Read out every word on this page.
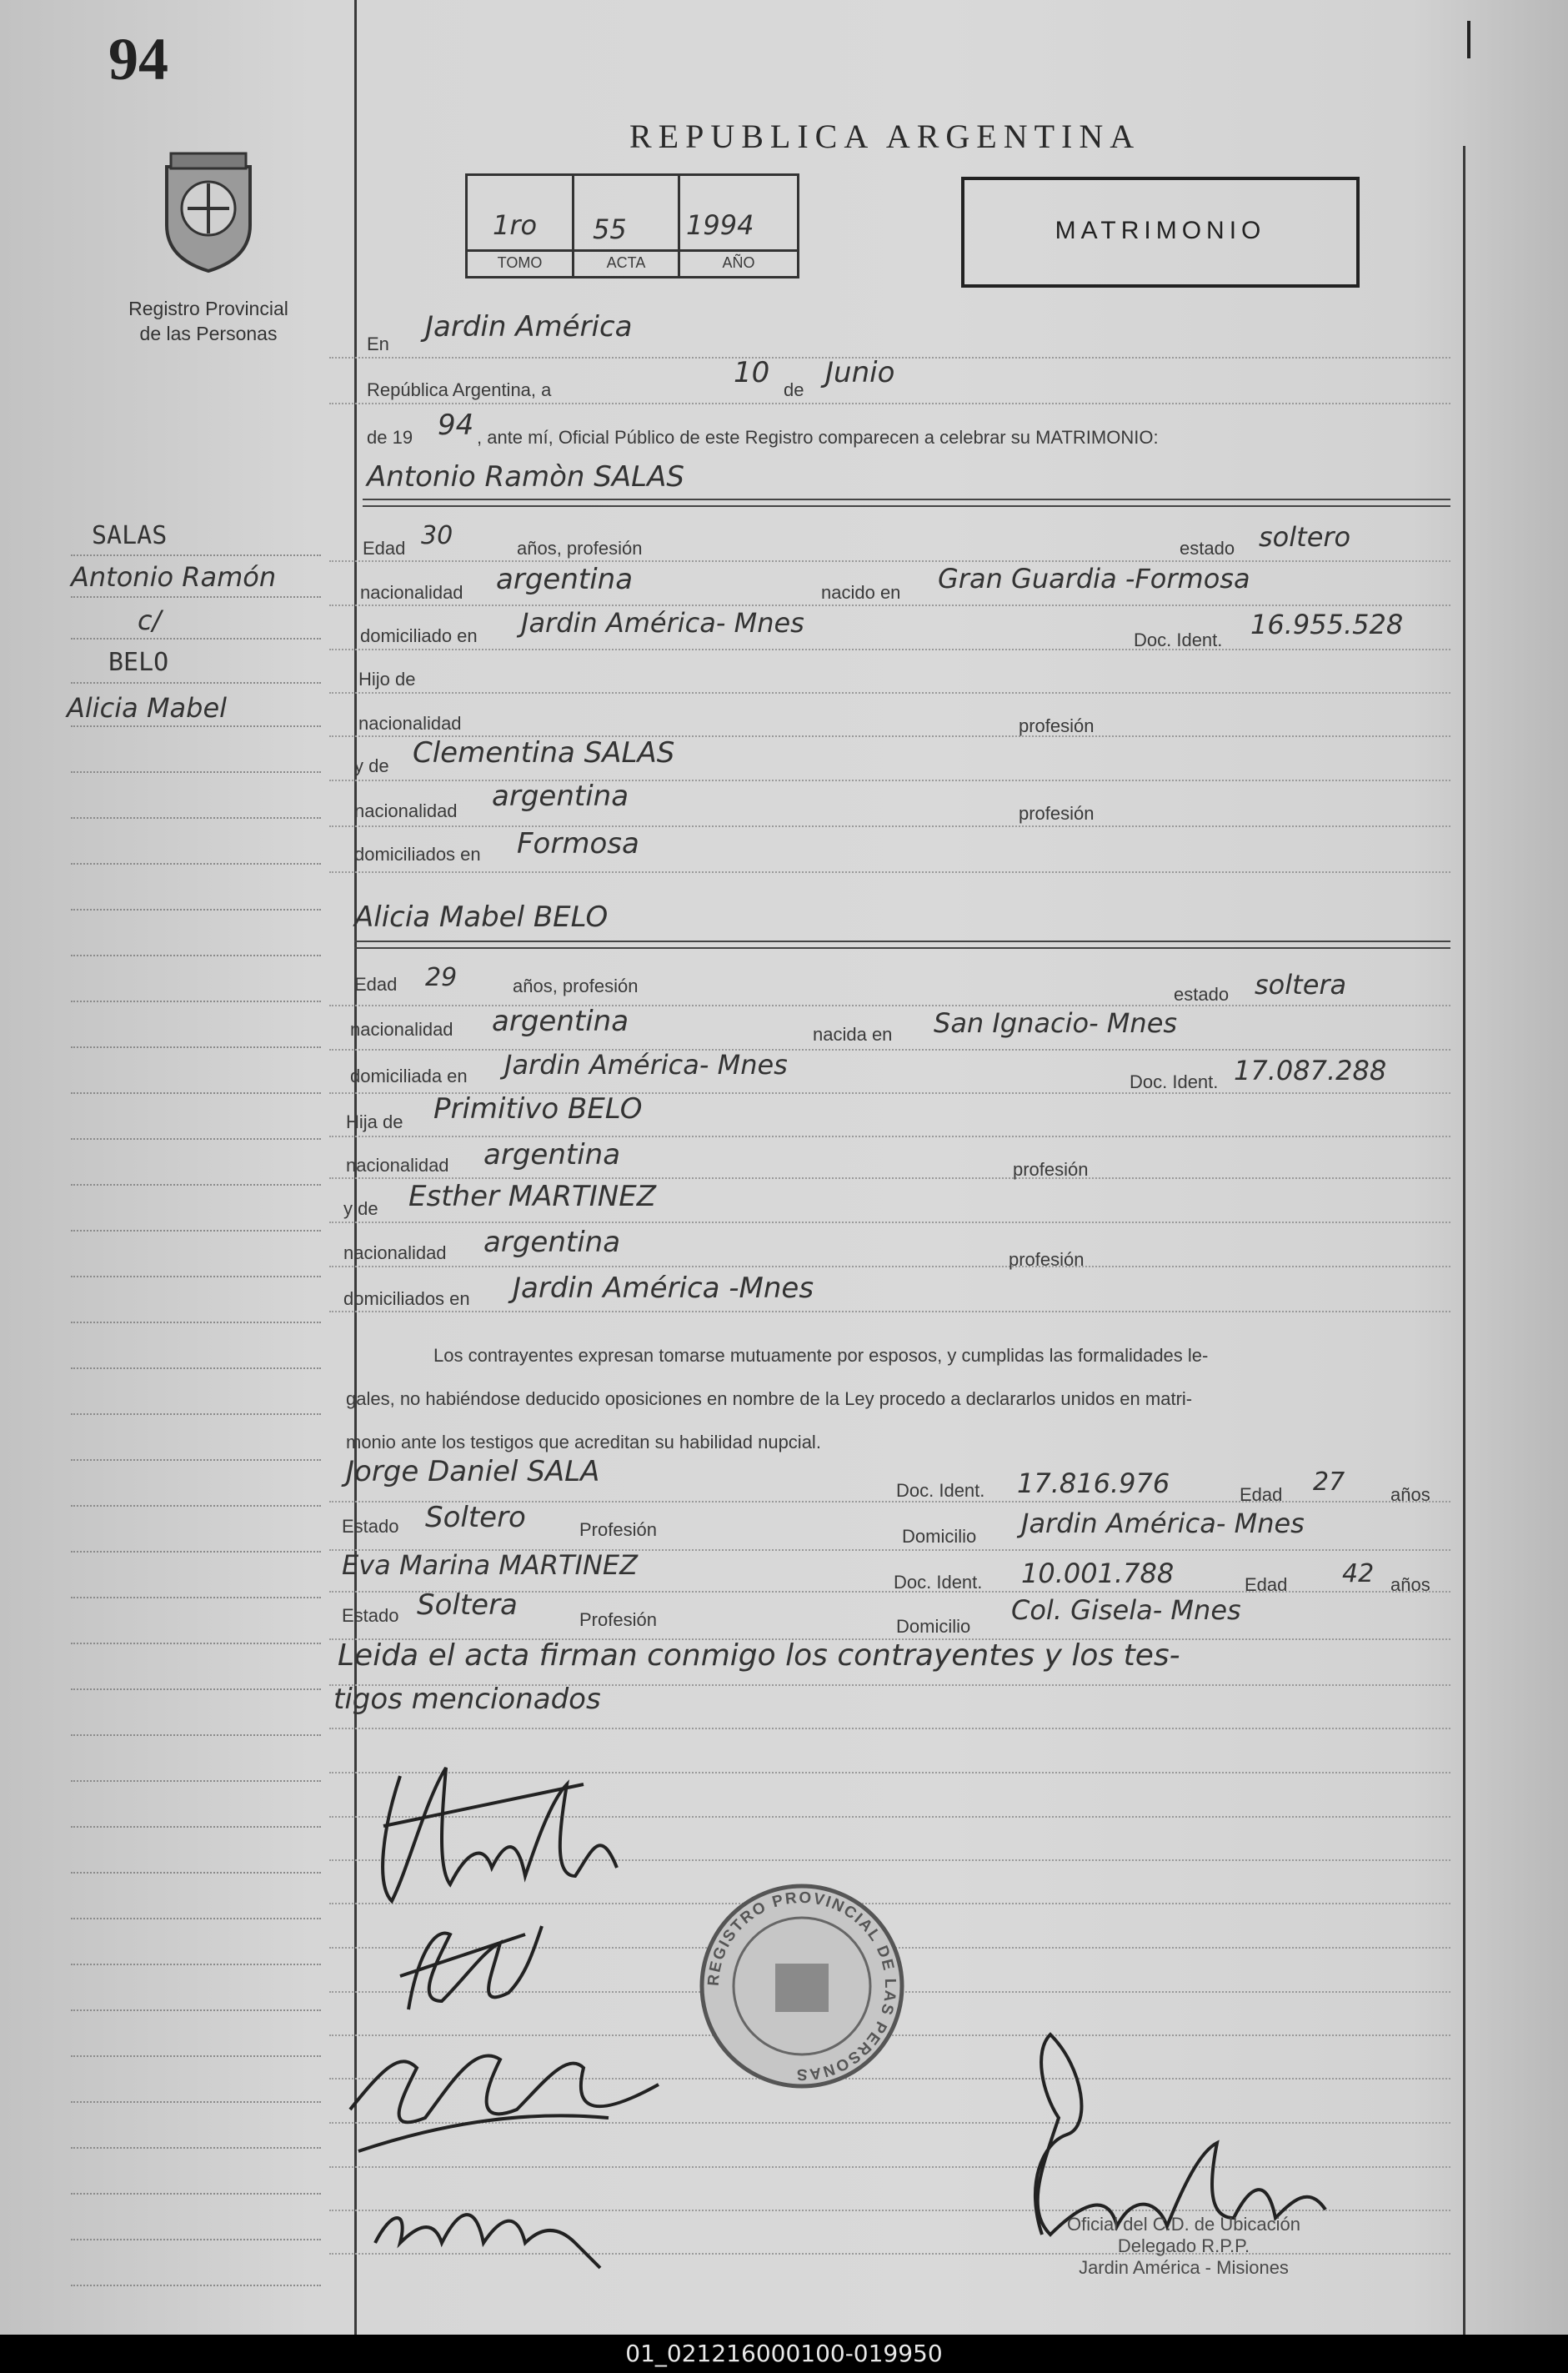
94
Registro Provincial
de las Personas
SALAS
Antonio Ramón
c/
BELO
Alicia Mabel
REPUBLICA ARGENTINA
1ro 55 1994
TOMO	ACTA	AÑO
MATRIMONIO
En
Jardin América
República Argentina, a
10
de
Junio
de 19 94 , ante mí, Oficial Público de este Registro comparecen a celebrar su MATRIMONIO:
Antonio Ramòn SALAS
Edad 30	años, profesión	estado soltero
nacionalidad argentina	nacido en Gran Guardia -Formosa
domiciliado en Jardin América- Mnes
Doc. Ident. 16.955.528
Hijo de
nacionalidad	profesión
y de Clementina SALAS
nacionalidad argentina
profesión
domiciliados en Formosa
Alicia Mabel BELO
Edad 29	años, profesión	estado soltera
nacionalidad argentina	nacida en San Ignacio- Mnes
domiciliada en Jardin América- Mnes
Doc. Ident. 17.087.288
Hija de Primitivo BELO
nacionalidad argentina	profesión
y de Esther MARTINEZ
nacionalidad argentina
profesión
domiciliados en Jardin América -Mnes
Los contrayentes expresan tomarse mutuamente por esposos, y cumplidas las formalidades le-
gales, no habiéndose deducido oposiciones en nombre de la Ley procedo a declararlos unidos en matri-
monio ante los testigos que acreditan su habilidad nupcial.
Jorge Daniel SALA
Doc. Ident. 17.816.976	Edad 27 años
Estado Soltero	Profesión	Domicilio Jardin América- Mnes
Eva Marina MARTINEZ
Doc. Ident. 10.001.788	Edad 42 años
Estado Soltera	Profesión	Domicilio
Col. Gisela- Mnes
Leida el acta firman conmigo los contrayentes y los tes-
tigos mencionados
Oficial del C.D. de Ubicación
Delegado R.P.P.
Jardin América - Misiones
REGISTRO PROVINCIAL DE LAS PERSONAS
01_021216000100-019950
